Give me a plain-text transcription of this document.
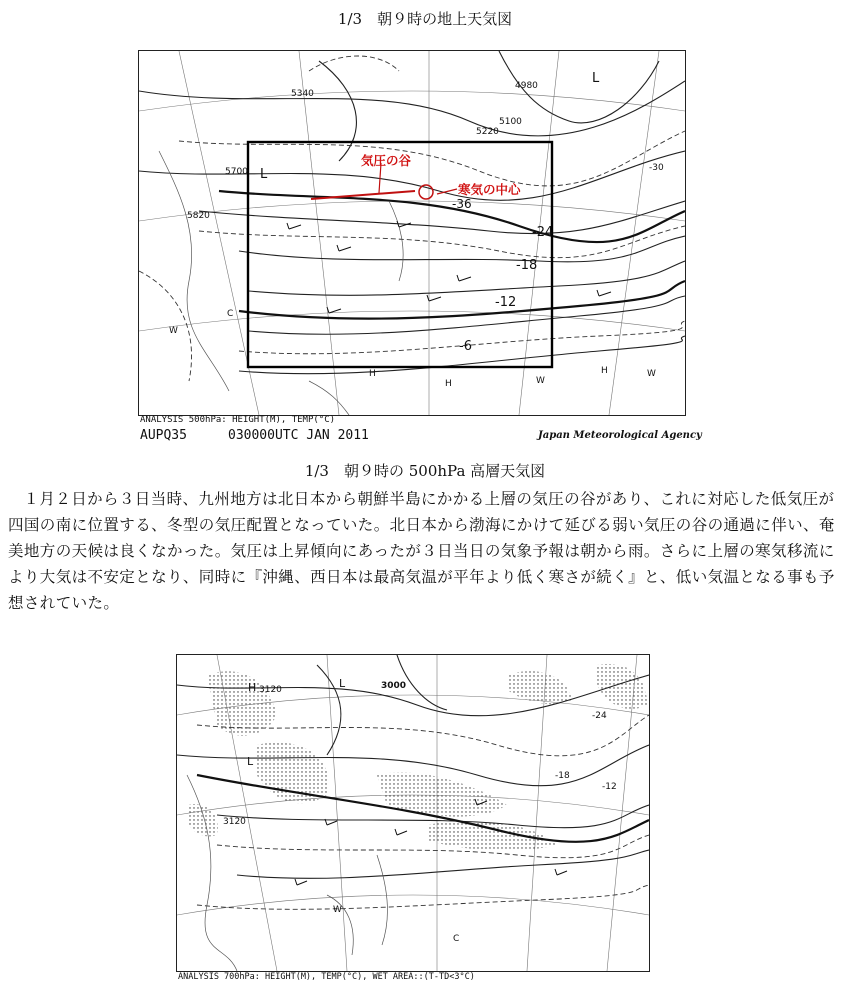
1/3　朝９時の地上天気図
5700
5820
5340
5100
5220
4980
-36
-30
-24
-18
-12
-6
L
L
H
H
H
C
W
W
W
気圧の谷
寒気の中心
ANALYSIS 500hPa: HEIGHT(M), TEMP(°C)
AUPQ35	030000UTC JAN 2011	Japan Meteorological Agency
1/3　朝９時の 500hPa 高層天気図

１月２日から３日当時、九州地方は北日本から朝鮮半島にかかる上層の気圧の谷があり、これに対応した低気圧が四国の南に位置する、冬型の気圧配置となっていた。北日本から渤海にかけて延びる弱い気圧の谷の通過に伴い、奄美地方の天候は良くなかった。気圧は上昇傾向にあったが３日当日の気象予報は朝から雨。さらに上層の寒気移流により大気は不安定となり、同時に『沖縄、西日本は最高気温が平年より低く寒さが続く』と、低い気温となる事も予想されていた。

3000
3120
3120
-24
-18
-12
H	L
L
W
C
ANALYSIS 700hPa: HEIGHT(M), TEMP(°C), WET AREA::(T-TD<3°C)
